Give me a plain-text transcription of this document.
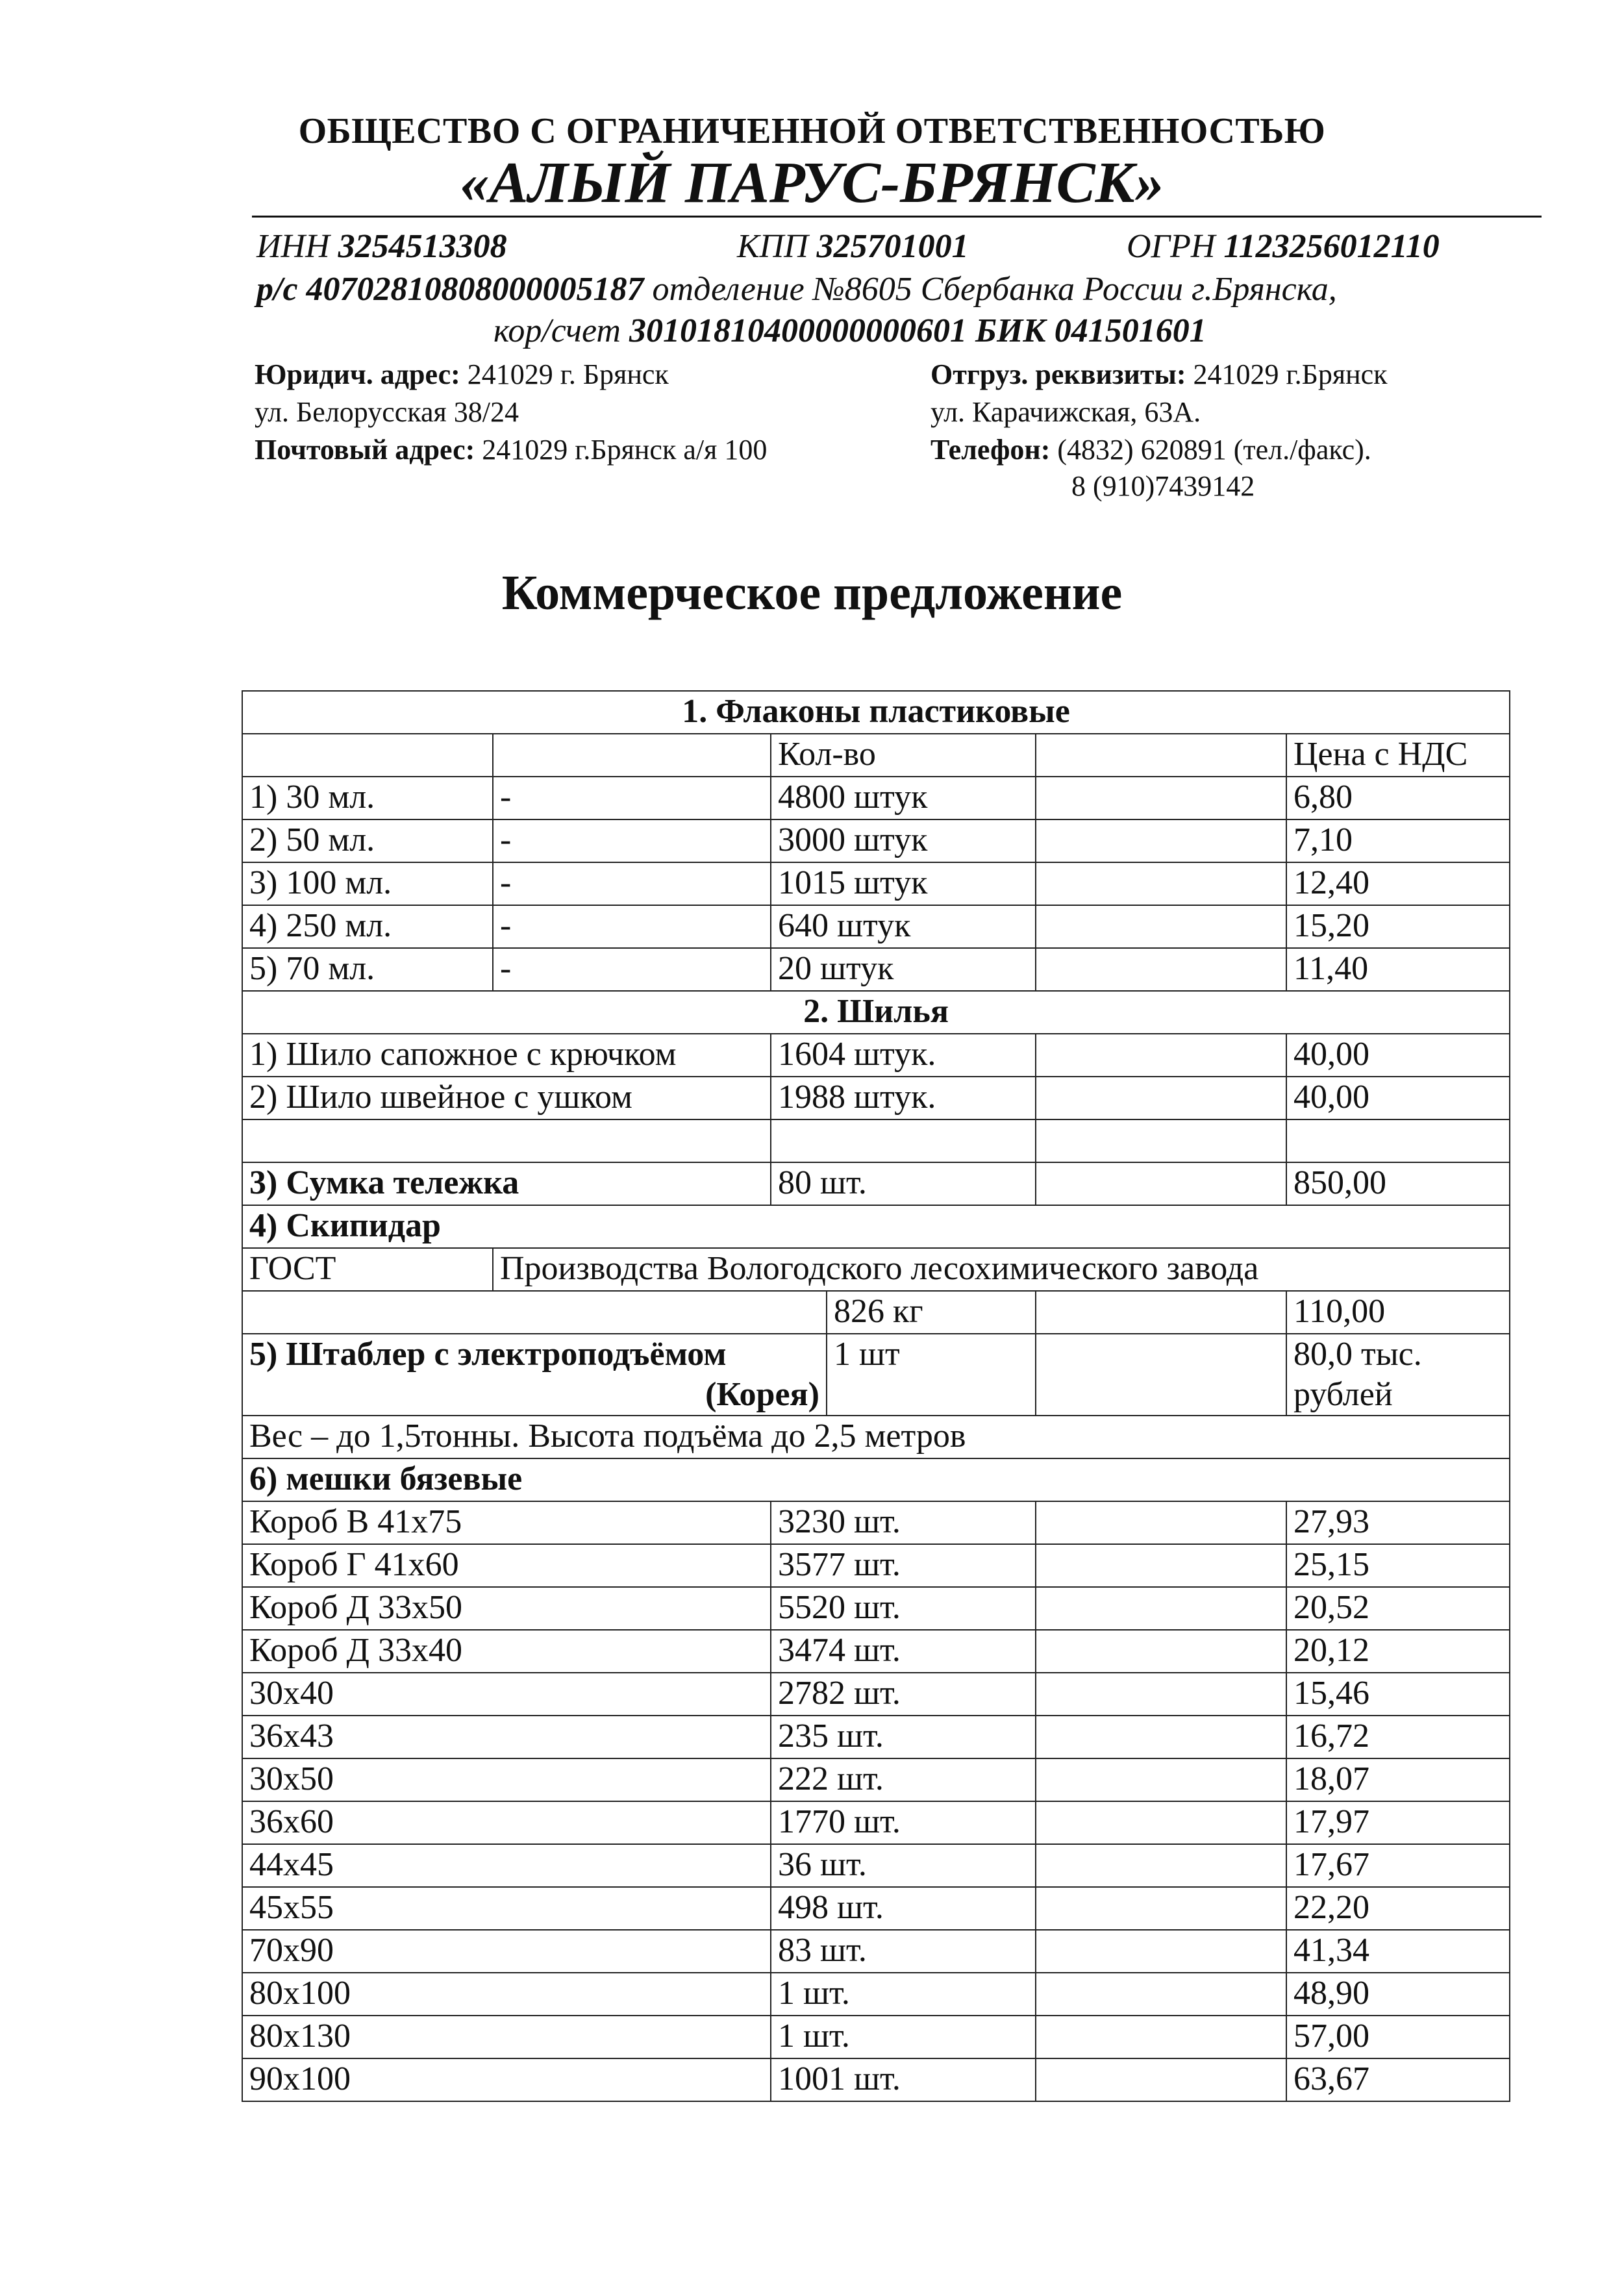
ОБЩЕСТВО С ОГРАНИЧЕННОЙ ОТВЕТСТВЕННОСТЬЮ
«АЛЫЙ ПАРУС-БРЯНСК»
ИНН 3254513308	КПП 325701001	ОГРН 1123256012110
р/с 40702810808000005187 отделение №8605 Сбербанка России г.Брянска,
кор/счет 30101810400000000601 БИК 041501601
Юридич. адрес: 241029 г. Брянск
ул. Белорусская 38/24
Почтовый адрес: 241029 г.Брянск а/я 100
Отгруз. реквизиты: 241029 г.Брянск
ул. Карачижская, 63А.
Телефон: (4832) 620891 (тел./факс).
8 (910)7439142
Коммерческое предложение
1. Флаконы пластиковые					
		Кол-во			Цена с НДС
1) 30 мл.	-	4800 штук			6,80
2) 50 мл.	-	3000 штук			7,10
3) 100 мл.	-	1015 штук			12,40
4) 250 мл.	-	640 штук			15,20
5) 70 мл.	-	20 штук			11,40
2. Шилья					
1) Шило сапожное с крючком		1604 штук.			40,00
2) Шило швейное с ушком		1988 штук.			40,00

3) Сумка тележка		80 шт.			850,00
4) Скипидар					
ГОСТ	Производства Вологодского лесохимического завода				
			826 кг		110,00

5) Штаблер с электроподъёмом
(Корея)			1 шт		80,0 тыс.
рублей

Вес – до 1,5тонны. Высота подъёма до 2,5 метров					
6) мешки бязевые					
Короб В 41х75		3230 шт.			27,93
Короб Г 41х60		3577 шт.			25,15
Короб Д 33х50		5520 шт.			20,52
Короб Д 33х40		3474 шт.			20,12
30х40		2782 шт.			15,46
36х43		235 шт.			16,72
30х50		222 шт.			18,07
36х60		1770 шт.			17,97
44х45		36 шт.			17,67
45х55		498 шт.			22,20
70х90		83 шт.			41,34
80х100		1 шт.			48,90
80х130		1 шт.			57,00
90х100		1001 шт.			63,67
